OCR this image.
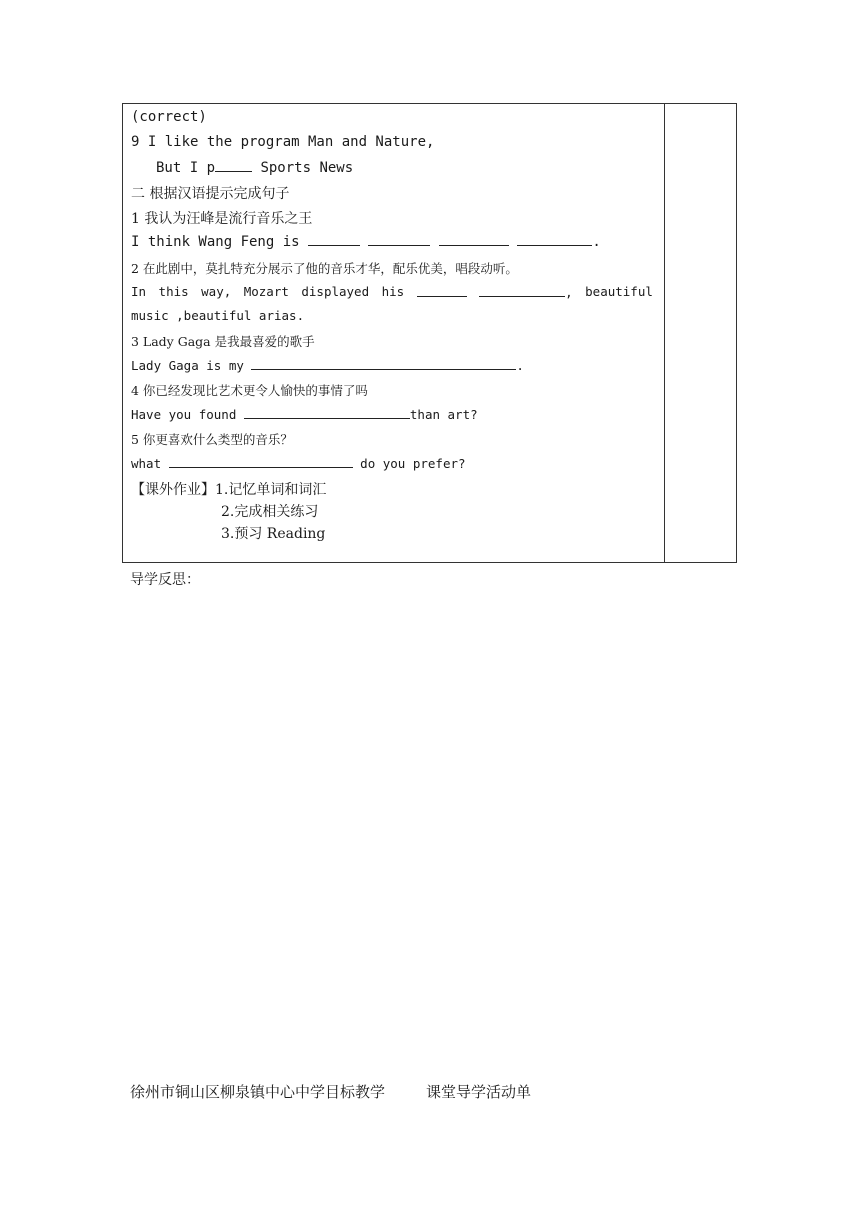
(correct)
9 I like the program Man and Nature,
But I p	Sports News
二 根据汉语提示完成句子
1 我认为汪峰是流行音乐之王
I think Wang Feng is	.
2 在此剧中，莫扎特充分展示了他的音乐才华，配乐优美，唱段动听。
In this way, Mozart displayed his	, beautiful
music ,beautiful arias.
3 Lady Gaga 是我最喜爱的歌手
Lady Gaga is my	.
4 你已经发现比艺术更令人愉快的事情了吗
Have you found	than art?
5 你更喜欢什么类型的音乐？
what	do you prefer?
【课外作业】1.记忆单词和词汇
2.完成相关练习
3.预习 Reading
导学反思：
徐州市铜山区柳泉镇中心中学目标教学	课堂导学活动单
